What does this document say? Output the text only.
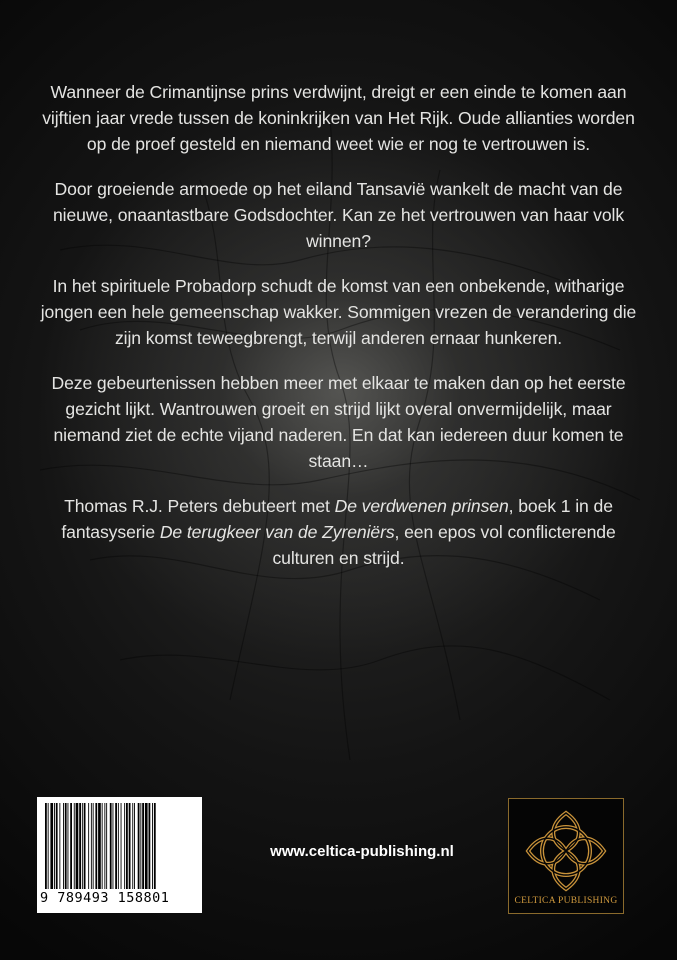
Wanneer de Crimantijnse prins verdwijnt, dreigt er een einde te komen aan vijftien jaar vrede tussen de koninkrijken van Het Rijk. Oude allianties worden op de proef gesteld en niemand weet wie er nog te vertrouwen is.

Door groeiende armoede op het eiland Tansavië wankelt de macht van de nieuwe, onaantastbare Godsdochter. Kan ze het vertrouwen van haar volk winnen?

In het spirituele Probadorp schudt de komst van een onbekende, witharige jongen een hele gemeenschap wakker. Sommigen vrezen de verandering die zijn komst teweegbrengt, terwijl anderen ernaar hunkeren.

Deze gebeurtenissen hebben meer met elkaar te maken dan op het eerste gezicht lijkt. Wantrouwen groeit en strijd lijkt overal onvermijdelijk, maar niemand ziet de echte vijand naderen. En dat kan iedereen duur komen te staan…

Thomas R.J. Peters debuteert met De verdwenen prinsen, boek 1 in de fantasyserie De terugkeer van de Zyreniërs, een epos vol conflicterende culturen en strijd.

9 789493 158801
www.celtica-publishing.nl
CELTICA PUBLISHING
